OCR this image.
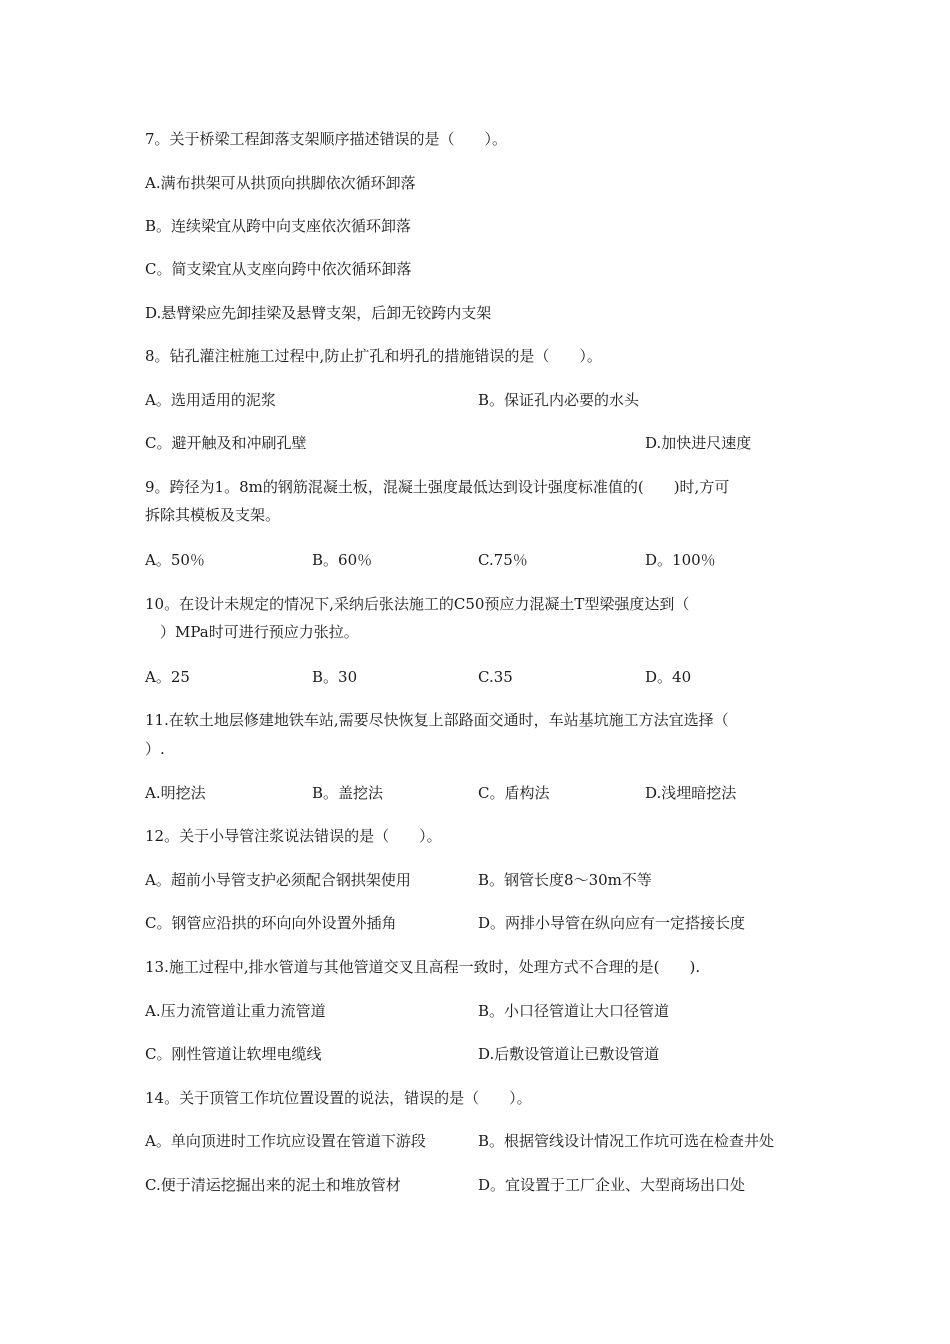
7。关于桥梁工程卸落支架顺序描述错误的是（　　）。
A.满布拱架可从拱顶向拱脚依次循环卸落
B。连续梁宜从跨中向支座依次循环卸落
C。简支梁宜从支座向跨中依次循环卸落
D.悬臂梁应先卸挂梁及悬臂支架，后卸无铰跨内支架
8。钻孔灌注桩施工过程中,防止扩孔和坍孔的措施错误的是（　　）。
A。选用适用的泥浆	B。保证孔内必要的水头
C。避开触及和冲刷孔壁	D.加快进尺速度
9。跨径为1。8m的钢筋混凝土板，混凝土强度最低达到设计强度标准值的(　　)时,方可
拆除其模板及支架。
A。50％	B。60％	C.75％	D。100％
10。在设计未规定的情况下,采纳后张法施工的C50预应力混凝土T型梁强度达到（
　）MPa时可进行预应力张拉。
A。25	B。30	C.35	D。40
11.在软土地层修建地铁车站,需要尽快恢复上部路面交通时，车站基坑施工方法宜选择（
）.
A.明挖法	B。盖挖法	C。盾构法	D.浅埋暗挖法
12。关于小导管注浆说法错误的是（　　）。
A。超前小导管支护必须配合钢拱架使用	B。钢管长度8～30m不等
C。钢管应沿拱的环向向外设置外插角	D。两排小导管在纵向应有一定搭接长度
13.施工过程中,排水管道与其他管道交叉且高程一致时，处理方式不合理的是(　　).
A.压力流管道让重力流管道	B。小口径管道让大口径管道
C。刚性管道让软埋电缆线	D.后敷设管道让已敷设管道
14。关于顶管工作坑位置设置的说法，错误的是（　　）。
A。单向顶进时工作坑应设置在管道下游段	B。根据管线设计情况工作坑可选在检查井处
C.便于清运挖掘出来的泥土和堆放管材	D。宜设置于工厂企业、大型商场出口处
